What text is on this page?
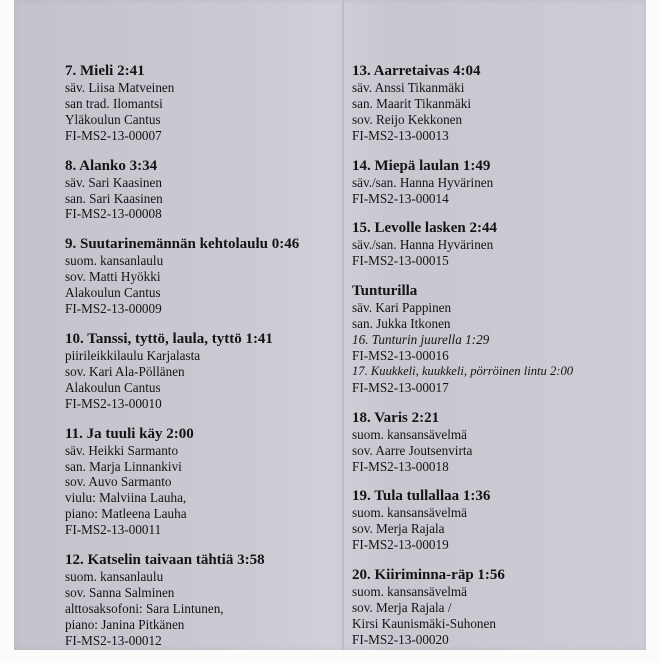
7. Mieli 2:41
säv. Liisa Matveinen
san trad. Ilomantsi
Yläkoulun Cantus
FI-MS2-13-00007
8. Alanko 3:34
säv. Sari Kaasinen
san. Sari Kaasinen
FI-MS2-13-00008
9. Suutarinemännän kehtolaulu 0:46
suom. kansanlaulu
sov. Matti Hyökki
Alakoulun Cantus
FI-MS2-13-00009
10. Tanssi, tyttö, laula, tyttö 1:41
piirileikkilaulu Karjalasta
sov. Kari Ala-Pöllänen
Alakoulun Cantus
FI-MS2-13-00010
11. Ja tuuli käy 2:00
säv. Heikki Sarmanto
san. Marja Linnankivi
sov. Auvo Sarmanto
viulu: Malviina Lauha,
piano: Matleena Lauha
FI-MS2-13-00011
12. Katselin taivaan tähtiä 3:58
suom. kansanlaulu
sov. Sanna Salminen
alttosaksofoni: Sara Lintunen,
piano: Janina Pitkänen
FI-MS2-13-00012
13. Aarretaivas 4:04
säv. Anssi Tikanmäki
san. Maarit Tikanmäki
sov. Reijo Kekkonen
FI-MS2-13-00013
14. Miepä laulan 1:49
säv./san. Hanna Hyvärinen
FI-MS2-13-00014
15. Levolle lasken 2:44
säv./san. Hanna Hyvärinen
FI-MS2-13-00015
Tunturilla
säv. Kari Pappinen
san. Jukka Itkonen
16. Tunturin juurella 1:29
FI-MS2-13-00016
17. Kuukkeli, kuukkeli, pörröinen lintu 2:00
FI-MS2-13-00017
18. Varis 2:21
suom. kansansävelmä
sov. Aarre Joutsenvirta
FI-MS2-13-00018
19. Tula tullallaa 1:36
suom. kansansävelmä
sov. Merja Rajala
FI-MS2-13-00019
20. Kiiriminna-räp 1:56
suom. kansansävelmä
sov. Merja Rajala /
Kirsi Kaunismäki-Suhonen
FI-MS2-13-00020
